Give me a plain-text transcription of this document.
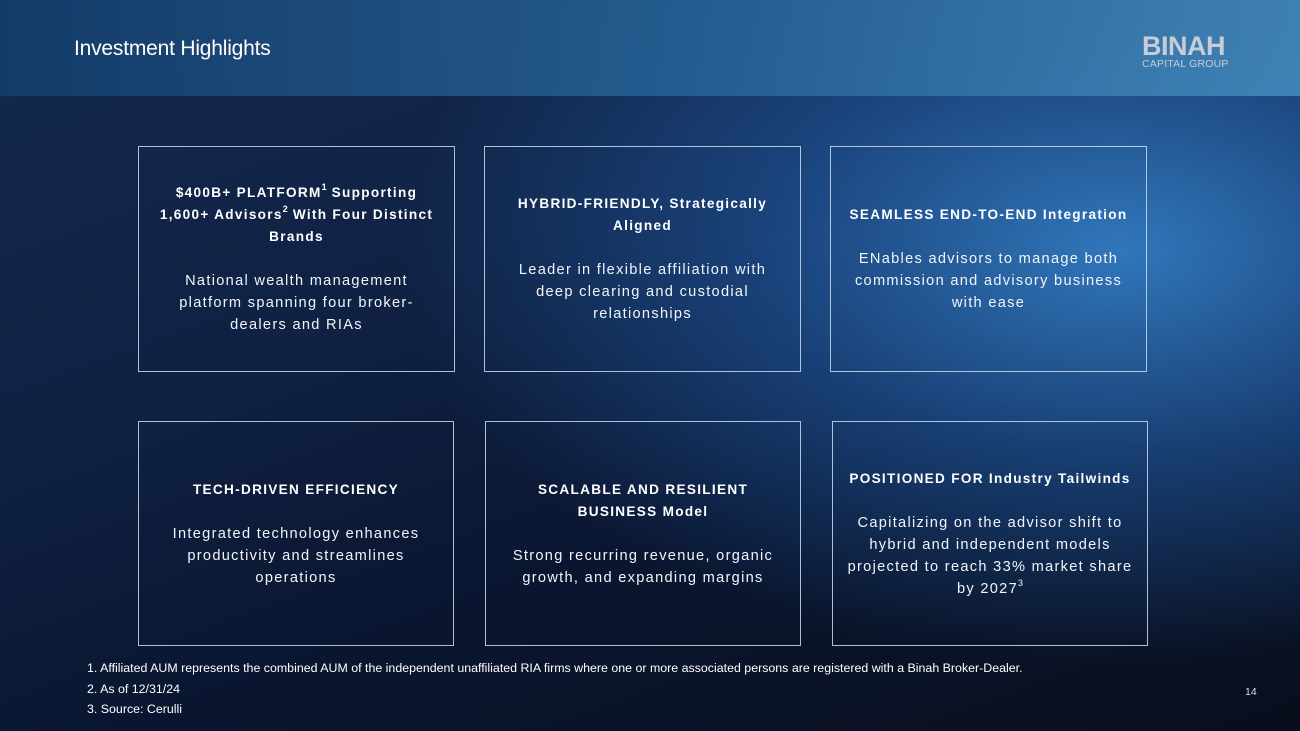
Investment Highlights	BINAH
CAPITAL GROUP

$400B+ $PLATFORM^1$ Supporting 1,600+ Advisors$^2$ With Four Distinct Brands

National wealth management platform spanning four broker-dealers and RIAs

HYBRID-FRIENDLY, Strategically Aligned

Leader in flexible affiliation with deep clearing and custodial relationships

SEAMLESS END-TO-END Integration

ENables advisors to manage both commission and advisory business with ease

TECH-DRIVEN EFFICIENCY

Integrated technology enhances productivity and streamlines operations

SCALABLE AND RESILIENT BUSINESS Model

Strong recurring revenue, organic growth, and expanding margins

POSITIONED FOR Industry Tailwinds

Capitalizing on the advisor shift to hybrid and independent models projected to reach 33% market share by 2027$^3$
1. Affiliated AUM represents the combined AUM of the independent unaffiliated RIA firms where one or more associated persons are registered with a Binah Broker-Dealer.
2. As of 12/31/24
3. Source: Cerulli
14
